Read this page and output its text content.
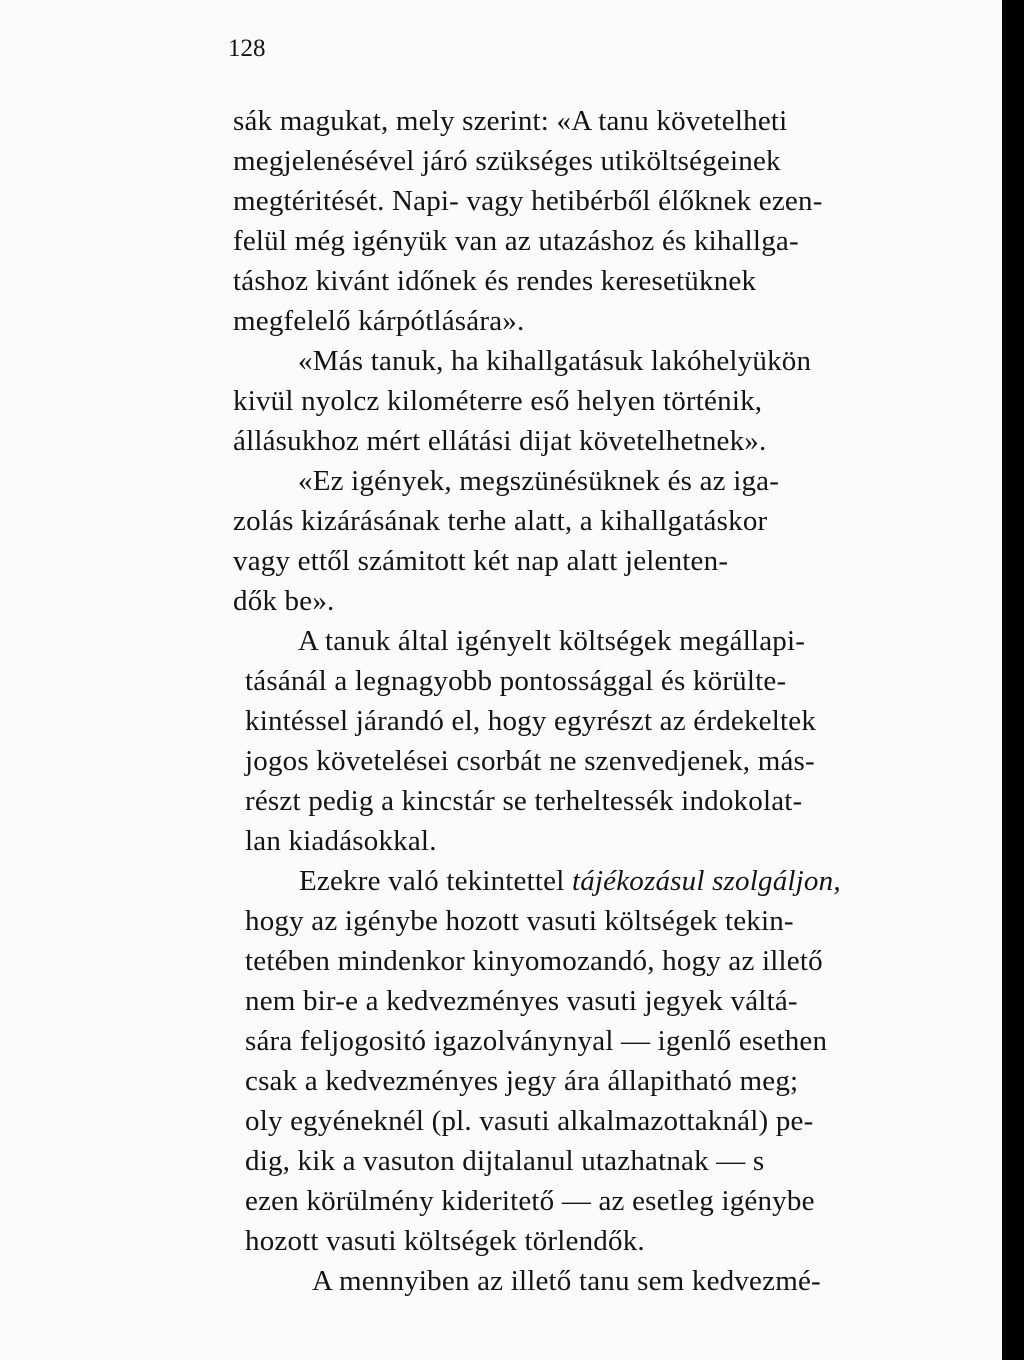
128
sák magukat, mely szerint: «A tanu követelheti
megjelenésével járó szükséges utiköltségeinek
megtéritését. Napi- vagy hetibérből élőknek ezen-
felül még igényük van az utazáshoz és kihallga-
táshoz kivánt időnek és rendes keresetüknek
megfelelő kárpótlására».
«Más tanuk, ha kihallgatásuk lakóhelyükön
kivül nyolcz kilométerre eső helyen történik,
állásukhoz mért ellátási dijat követelhetnek».
«Ez igények, megszünésüknek és az iga-
zolás kizárásának terhe alatt, a kihallgatáskor
vagy ettől számitott két nap alatt jelenten-
dők be».
A tanuk által igényelt költségek megállapi-
tásánál a legnagyobb pontossággal és körülte-
kintéssel járandó el, hogy egyrészt az érdekeltek
jogos követelései csorbát ne szenvedjenek, más-
részt pedig a kincstár se terheltessék indokolat-
lan kiadásokkal.
Ezekre való tekintettel tájékozásul szolgáljon,
hogy az igénybe hozott vasuti költségek tekin-
tetében mindenkor kinyomozandó, hogy az illető
nem bir-e a kedvezményes vasuti jegyek váltá-
sára feljogositó igazolványnyal — igenlő esethen
csak a kedvezményes jegy ára állapitható meg;
oly egyéneknél (pl. vasuti alkalmazottaknál) pe-
dig, kik a vasuton dijtalanul utazhatnak — s
ezen körülmény kideritető — az esetleg igénybe
hozott vasuti költségek törlendők.
A mennyiben az illető tanu sem kedvezmé-
